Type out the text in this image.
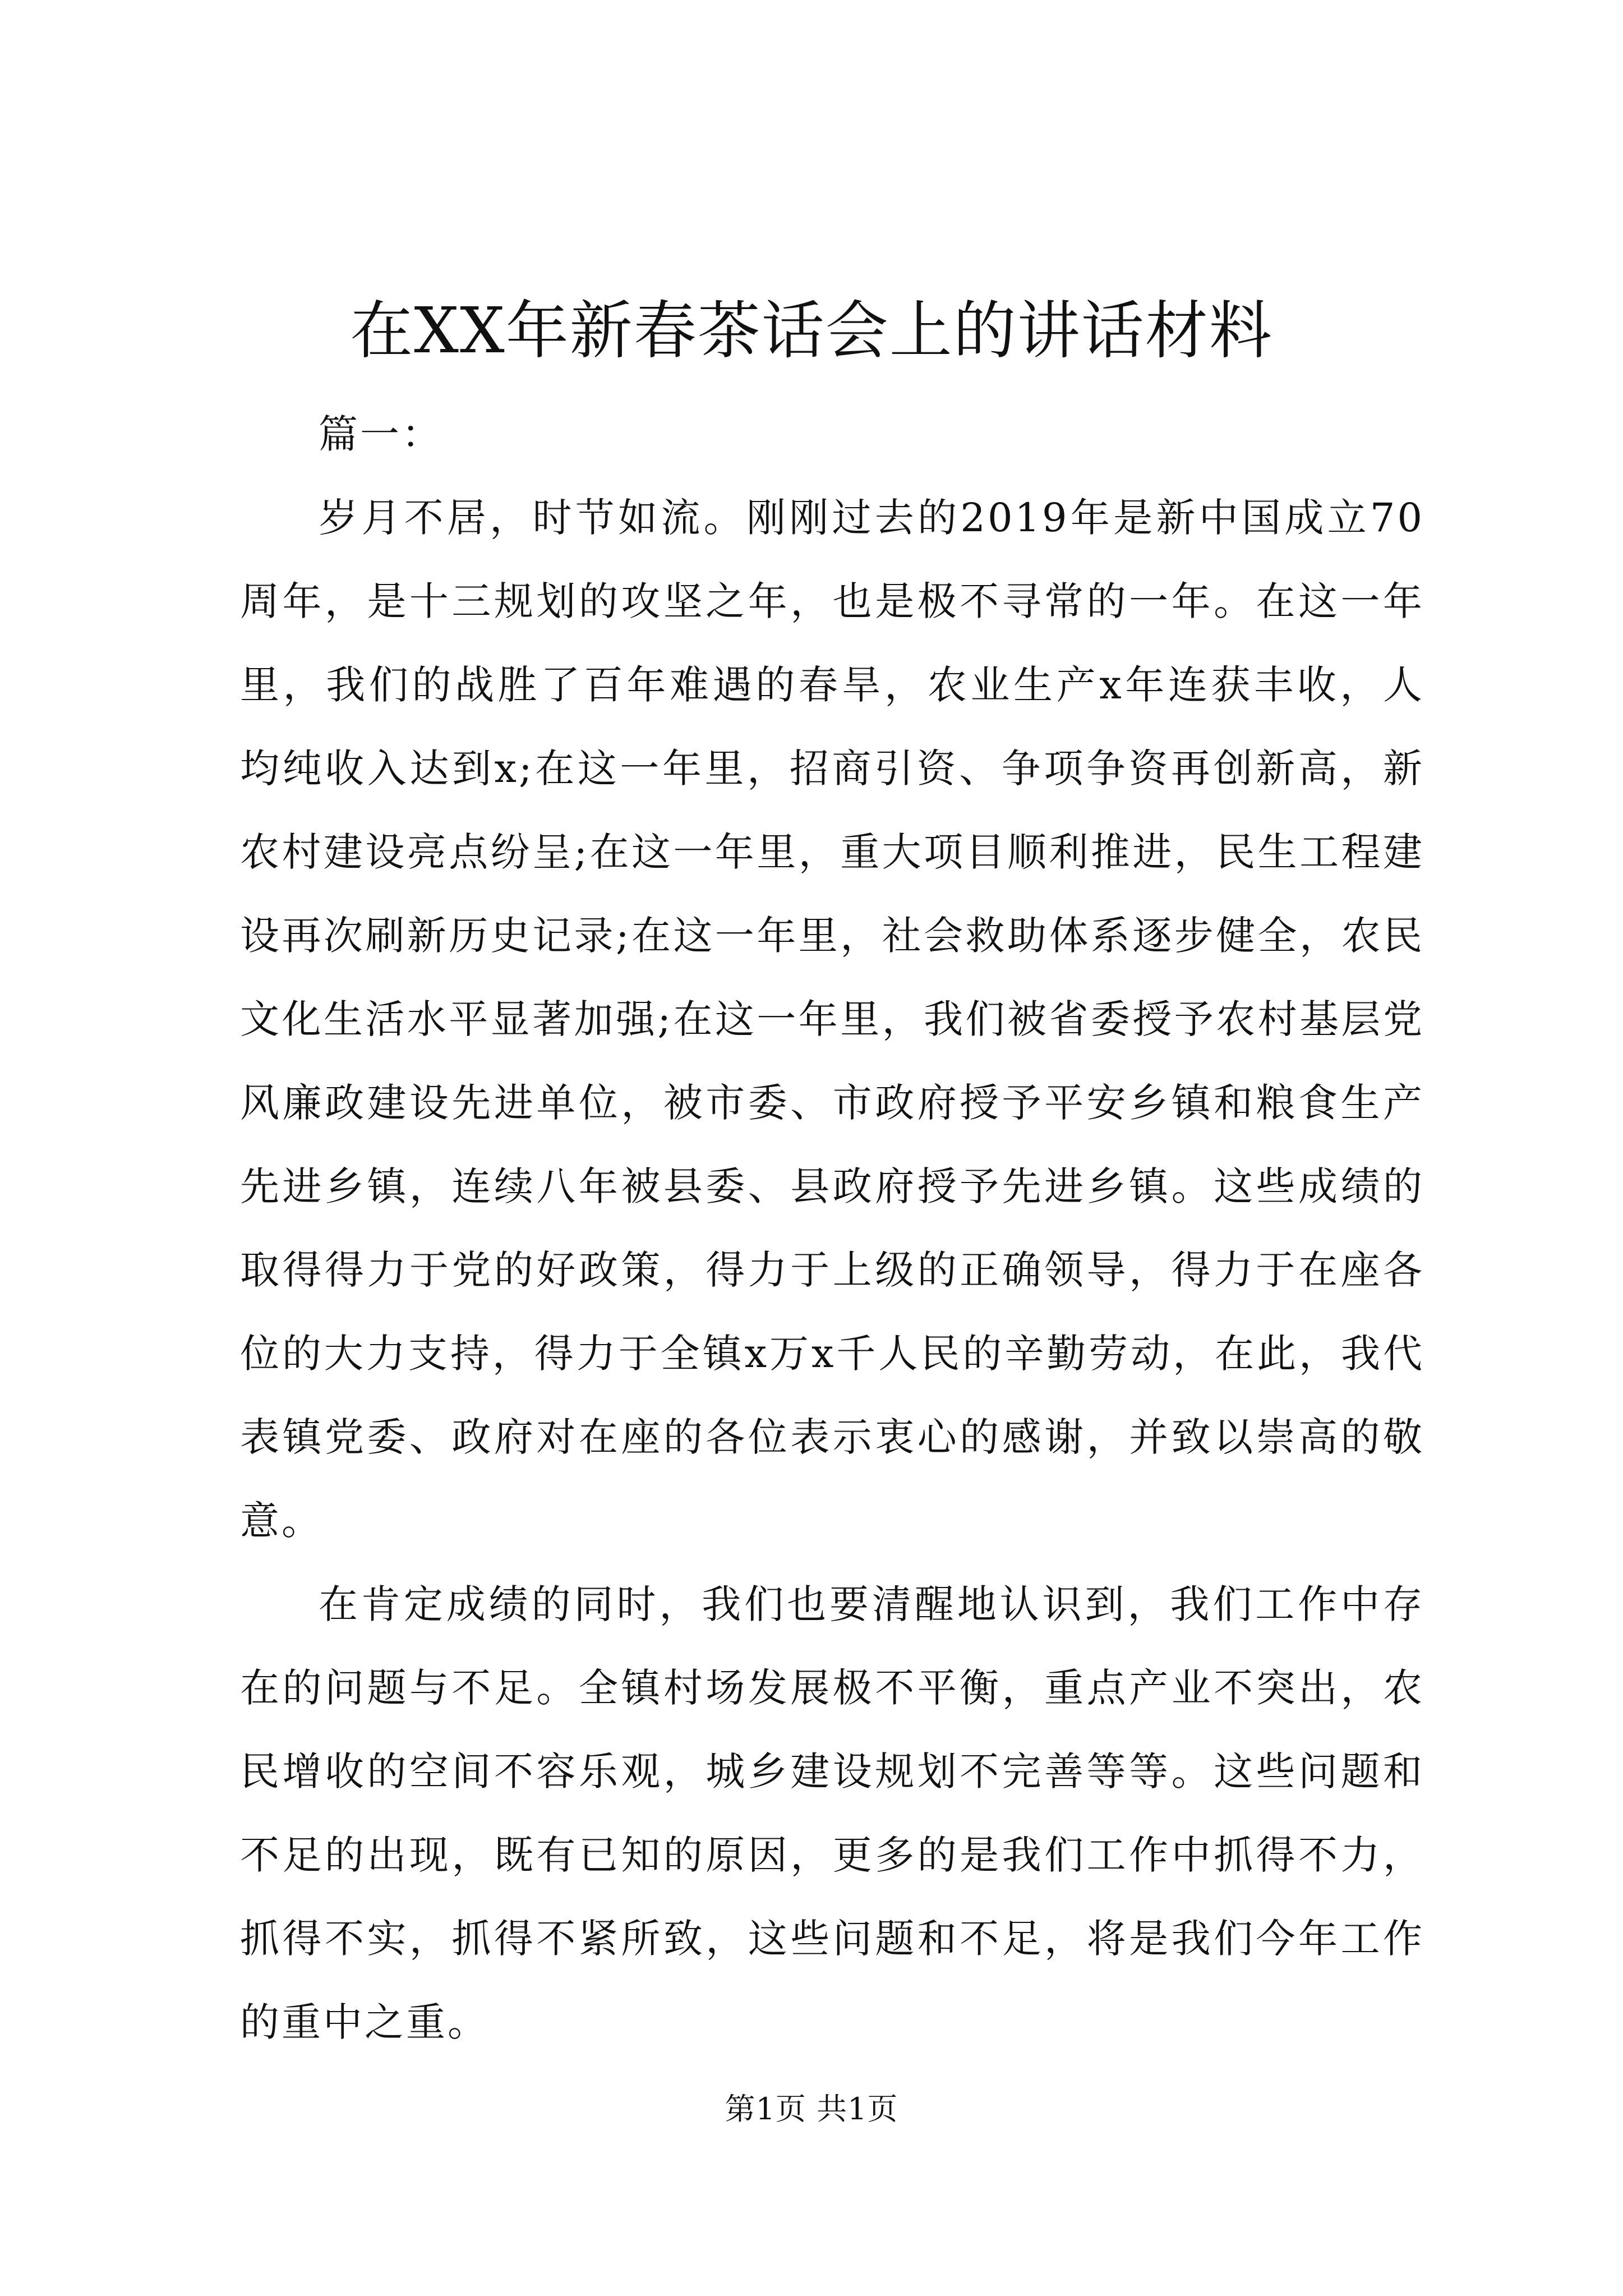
在XX年新春茶话会上的讲话材料

篇一：

岁月不居，时节如流。刚刚过去的2019年是新中国成立70周年，是十三规划的攻坚之年，也是极不寻常的一年。在这一年里，我们的战胜了百年难遇的春旱，农业生产x年连获丰收，人均纯收入达到x;在这一年里，招商引资、争项争资再创新高，新农村建设亮点纷呈;在这一年里，重大项目顺利推进，民生工程建设再次刷新历史记录;在这一年里，社会救助体系逐步健全，农民文化生活水平显著加强;在这一年里，我们被省委授予农村基层党风廉政建设先进单位，被市委、市政府授予平安乡镇和粮食生产先进乡镇，连续八年被县委、县政府授予先进乡镇。这些成绩的取得得力于党的好政策，得力于上级的正确领导，得力于在座各位的大力支持，得力于全镇x万x千人民的辛勤劳动，在此，我代表镇党委、政府对在座的各位表示衷心的感谢，并致以崇高的敬意。

在肯定成绩的同时，我们也要清醒地认识到，我们工作中存在的问题与不足。全镇村场发展极不平衡，重点产业不突出，农民增收的空间不容乐观，城乡建设规划不完善等等。这些问题和不足的出现，既有已知的原因，更多的是我们工作中抓得不力，抓得不实，抓得不紧所致，这些问题和不足，将是我们今年工作的重中之重。

第1页 共1页
